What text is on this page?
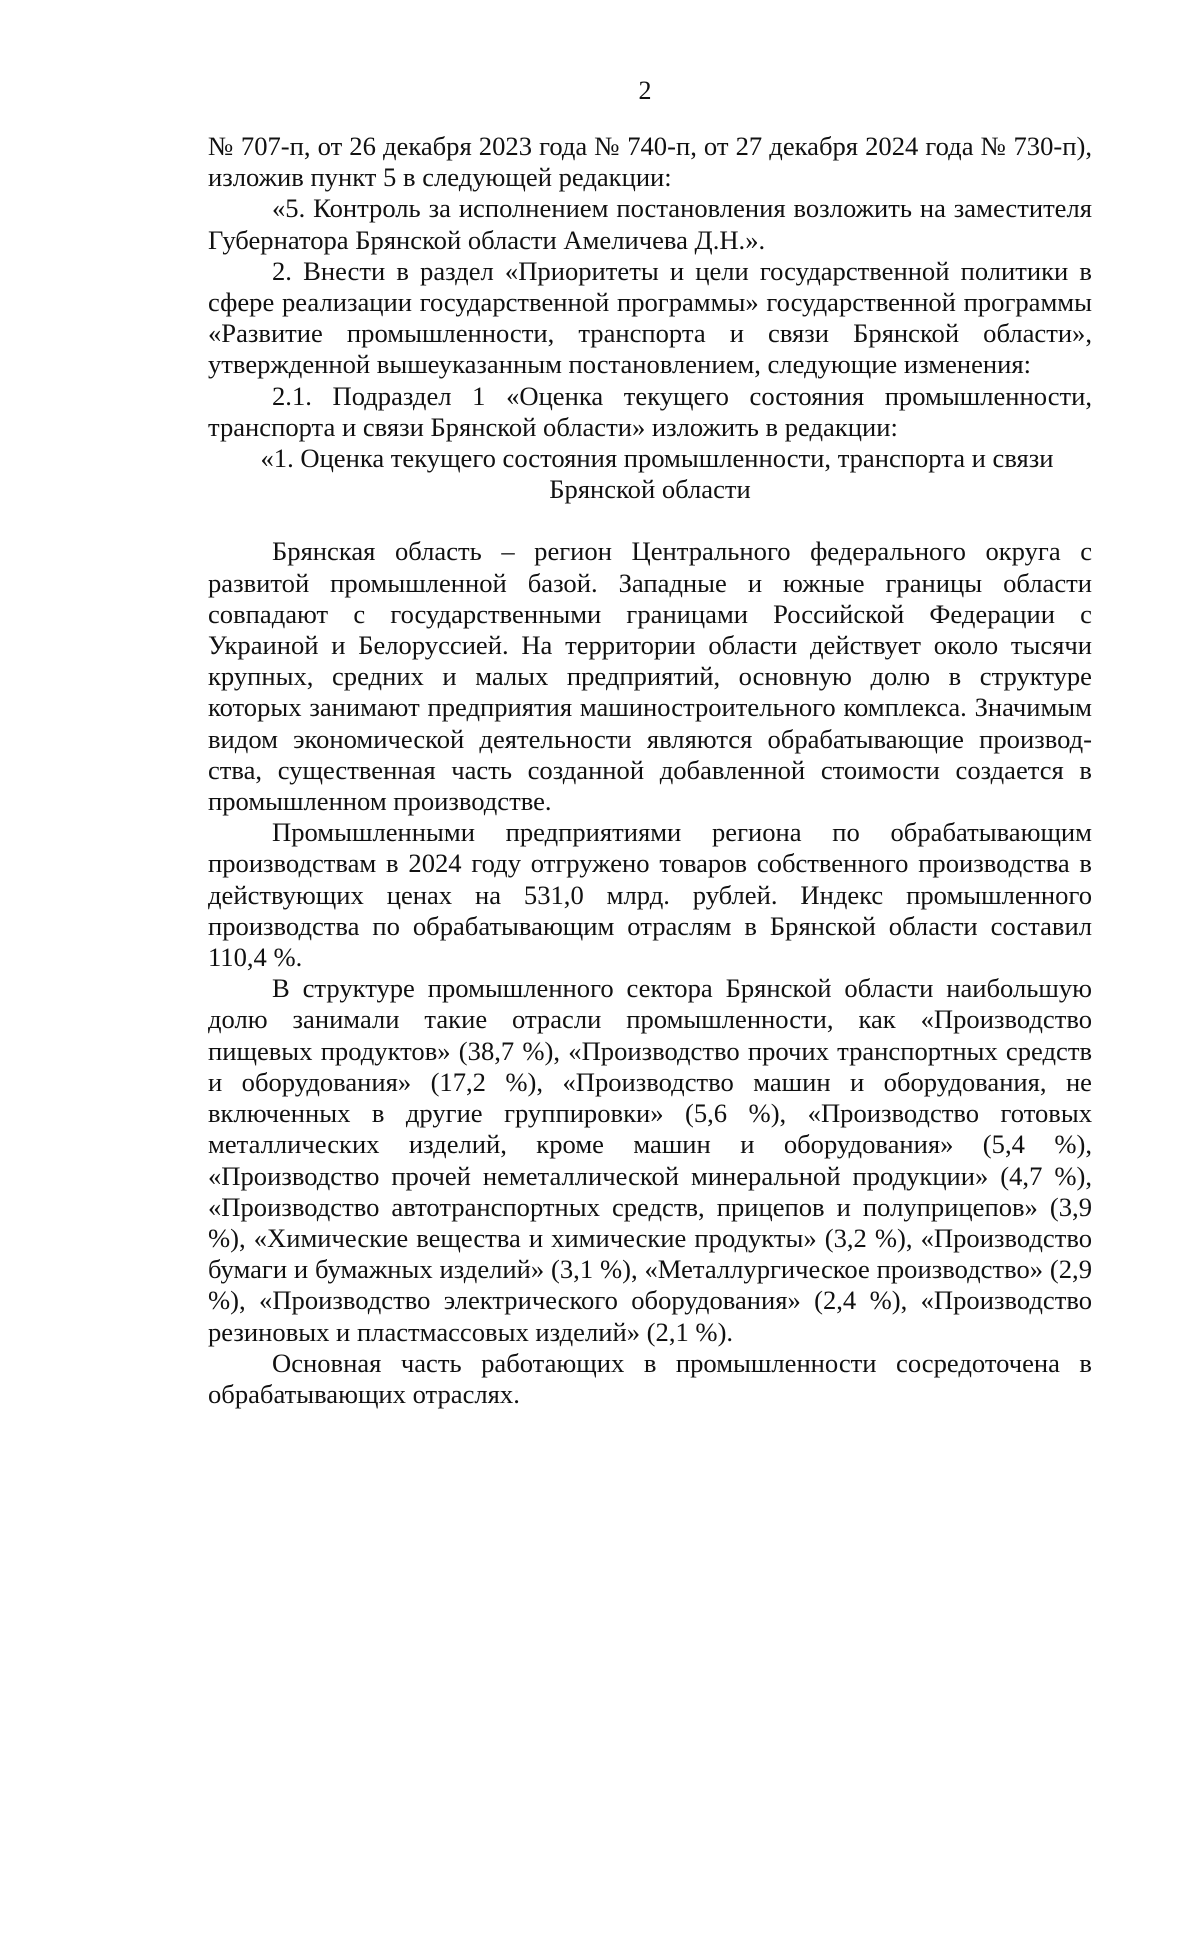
2

№ 707-п, от 26 декабря 2023 года № 740-п, от 27 декабря 2024 года № 730-п), изложив пункт 5 в следующей редакции:

«5. Контроль за исполнением постановления возложить на заместителя Губернатора Брянской области Амеличева Д.Н.».

2. Внести в раздел «Приоритеты и цели государственной политики в сфере реализации государственной программы» государственной программы «Развитие промышленности, транспорта и связи Брянской области», утвержденной вышеуказанным постановлением, следующие изменения:

2.1. Подраздел 1 «Оценка текущего состояния промышленности, транспорта и связи Брянской области» изложить в редакции:

«1. Оценка текущего состояния промышленности, транспорта и связи

Брянской области

Брянская область – регион Центрального федерального округа с развитой промышленной базой. Западные и южные границы области совпадают с государственными границами Российской Федерации с Украиной и Белоруссией. На территории области действует около тысячи крупных, средних и малых предприятий, основную долю в структуре которых занимают предприятия машиностроительного комплекса. Значимым видом экономической деятельности являются обрабатывающие производства, существенная часть созданной добавленной стоимости создается в промышленном производстве.

Промышленными предприятиями региона по обрабатывающим производствам в 2024 году отгружено товаров собственного производства в действующих ценах на 531,0 млрд. рублей. Индекс промышленного производства по обрабатывающим отраслям в Брянской области составил 110,4 %.

В структуре промышленного сектора Брянской области наибольшую долю занимали такие отрасли промышленности, как «Производство пищевых продуктов» (38,7 %), «Производство прочих транспортных средств и оборудования» (17,2 %), «Производство машин и оборудования, не включенных в другие группировки» (5,6 %), «Производство готовых металлических изделий, кроме машин и оборудования» (5,4 %), «Производство прочей неметаллической минеральной продукции» (4,7 %), «Производство автотранспортных средств, прицепов и полуприцепов» (3,9 %), «Химические вещества и химические продукты» (3,2 %), «Производство бумаги и бумажных изделий» (3,1 %), «Металлургическое производство» (2,9 %), «Производство электрического оборудования» (2,4 %), «Производство резиновых и пластмассовых изделий» (2,1 %).

Основная часть работающих в промышленности сосредоточена в обрабатывающих отраслях.
